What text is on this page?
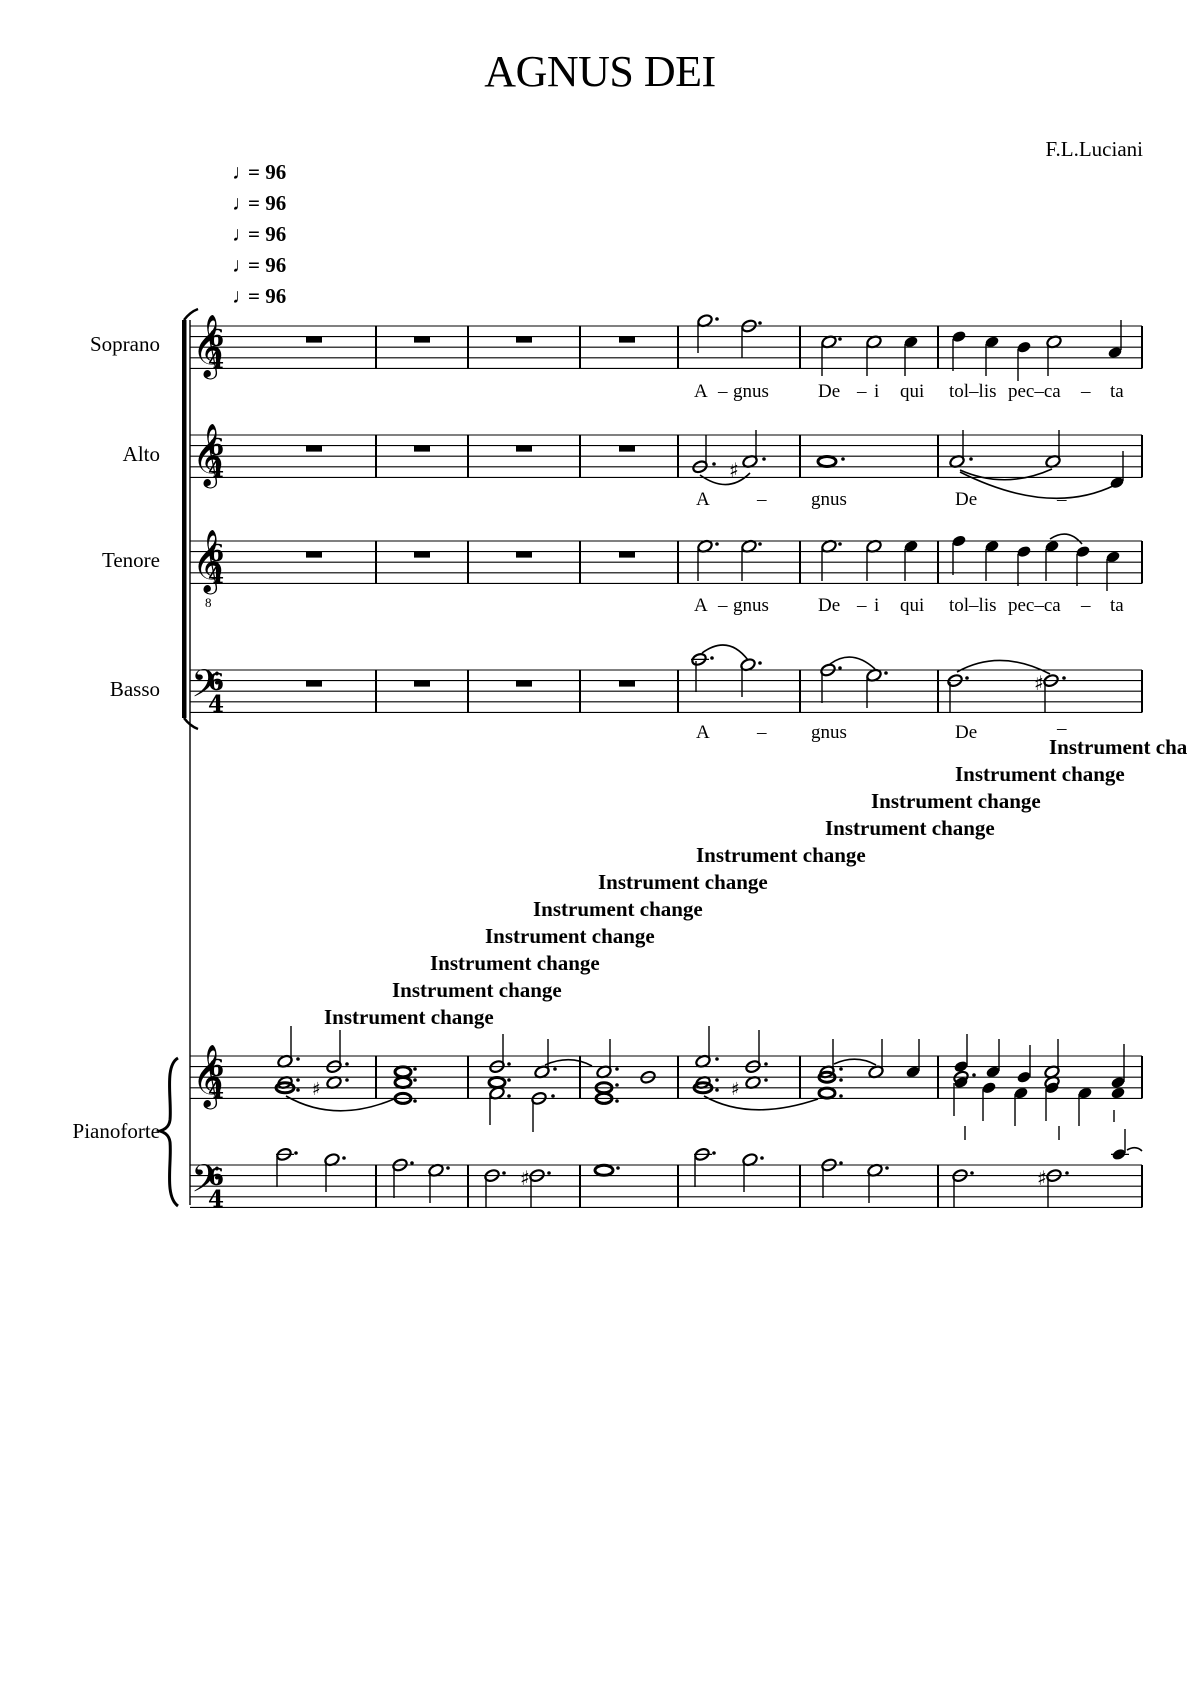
AGNUS DEI
F.L.Luciani
♩= 96
♩= 96
♩= 96
♩= 96
♩= 96
Soprano
Alto
Tenore
Basso
Pianoforte
6
4
𝄞
𝄞	♯
𝄞
8
𝄢	♯
𝄞	♯	♯
𝄢	♯	♯
A – gnus	De – i qui tol–lis pec–ca – ta
A – gnus	De	–
A – gnus	De – i qui tol–lis pec–ca – ta
A – gnus	De	–
Instrument cha
Instrument change
Instrument change
Instrument change
Instrument change
Instrument change
Instrument change
Instrument change
Instrument change
Instrument change
Instrument change
